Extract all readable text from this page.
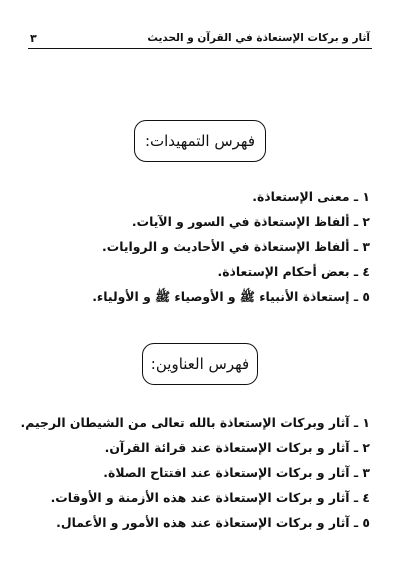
آثار و بركات الإستعاذة في القرآن و الحديث
٣
فهرس التمهيدات:
١ ـ معنى الإستعاذة.
٢ ـ ألفاظ الإستعاذة في السور و الآيات.
٣ ـ ألفاظ الإستعاذة في الأحاديث و الروايات.
٤ ـ بعض أحكام الإستعاذة.
٥ ـ إستعاذة الأنبياء ﷺ و الأوصياء ﷺ و الأولياء.
فهرس العناوين:
١ ـ آثار وبركات الإستعاذة بالله تعالى من الشيطان الرجيم.
٢ ـ آثار و بركات الإستعاذة عند قرائة القرآن.
٣ ـ آثار و بركات الإستعاذة عند افتتاح الصلاة.
٤ ـ آثار و بركات الإستعاذة عند هذه الأزمنة و الأوقات.
٥ ـ آثار و بركات الإستعاذة عند هذه الأمور و الأعمال.
